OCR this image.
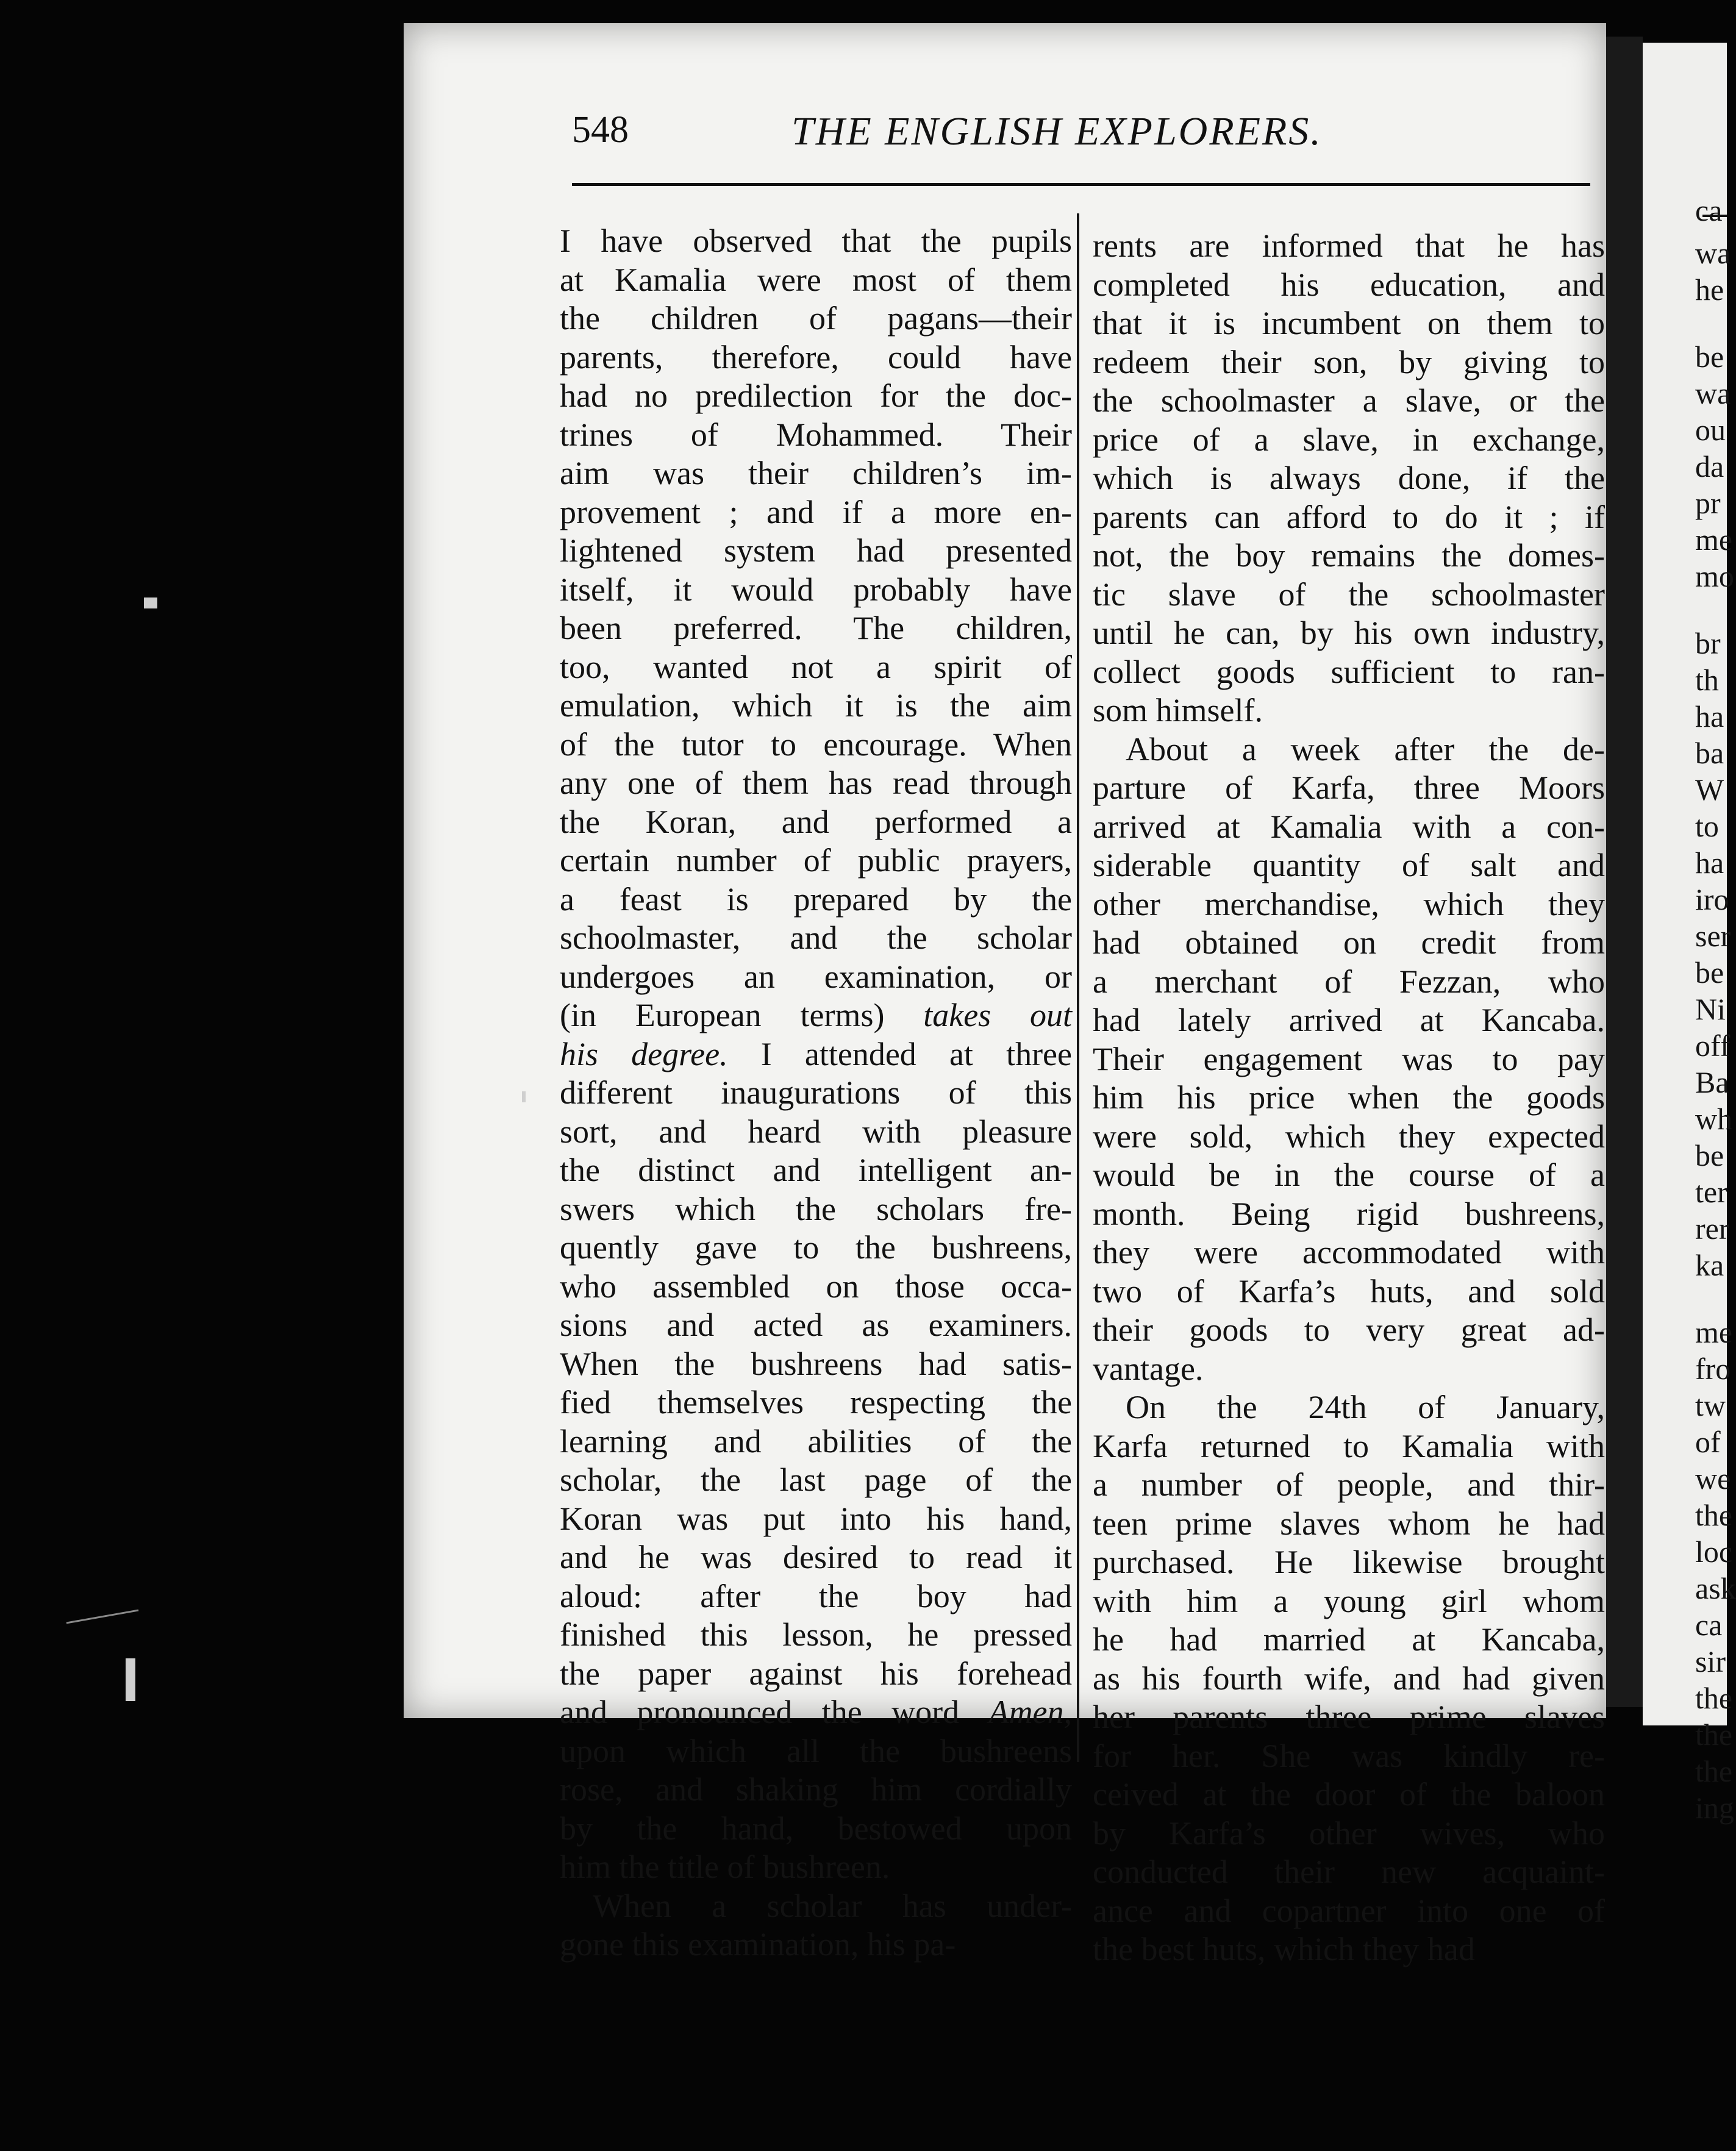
ca
wa
he
be
wa
ou
da
pr
me
mo
br
th
ha
ba
W
to
ha
iro
ser
be
Ni
off
Ba
wh
be
ter
rer
ka
me
fro
tw
of
we
the
loc
ask
ca
sir
the
the
the
ing
548	THE ENGLISH EXPLORERS.
I have observed that the pupils
at Kamalia were most of them
the children of pagans—their
parents, therefore, could have
had no predilection for the doc-
trines of Mohammed. Their
aim was their children’s im-
provement ; and if a more en-
lightened system had presented
itself, it would probably have
been preferred. The children,
too, wanted not a spirit of
emulation, which it is the aim
of the tutor to encourage. When
any one of them has read through
the Koran, and performed a
certain number of public prayers,
a feast is prepared by the
schoolmaster, and the scholar
undergoes an examination, or
(in European terms) takes out
his degree. I attended at three
different inaugurations of this
sort, and heard with pleasure
the distinct and intelligent an-
swers which the scholars fre-
quently gave to the bushreens,
who assembled on those occa-
sions and acted as examiners.
When the bushreens had satis-
fied themselves respecting the
learning and abilities of the
scholar, the last page of the
Koran was put into his hand,
and he was desired to read it
aloud: after the boy had
finished this lesson, he pressed
the paper against his forehead
and pronounced the word Amen,
upon which all the bushreens
rose, and shaking him cordially
by the hand, bestowed upon
him the title of bushreen.
When a scholar has under-
gone this examination, his pa-
rents are informed that he has
completed his education, and
that it is incumbent on them to
redeem their son, by giving to
the schoolmaster a slave, or the
price of a slave, in exchange,
which is always done, if the
parents can afford to do it ; if
not, the boy remains the domes-
tic slave of the schoolmaster
until he can, by his own industry,
collect goods sufficient to ran-
som himself.
About a week after the de-
parture of Karfa, three Moors
arrived at Kamalia with a con-
siderable quantity of salt and
other merchandise, which they
had obtained on credit from
a merchant of Fezzan, who
had lately arrived at Kancaba.
Their engagement was to pay
him his price when the goods
were sold, which they expected
would be in the course of a
month. Being rigid bushreens,
they were accommodated with
two of Karfa’s huts, and sold
their goods to very great ad-
vantage.
On the 24th of January,
Karfa returned to Kamalia with
a number of people, and thir-
teen prime slaves whom he had
purchased. He likewise brought
with him a young girl whom
he had married at Kancaba,
as his fourth wife, and had given
her parents three prime slaves
for her. She was kindly re-
ceived at the door of the baloon
by Karfa’s other wives, who
conducted their new acquaint-
ance and copartner into one of
the best huts, which they had
